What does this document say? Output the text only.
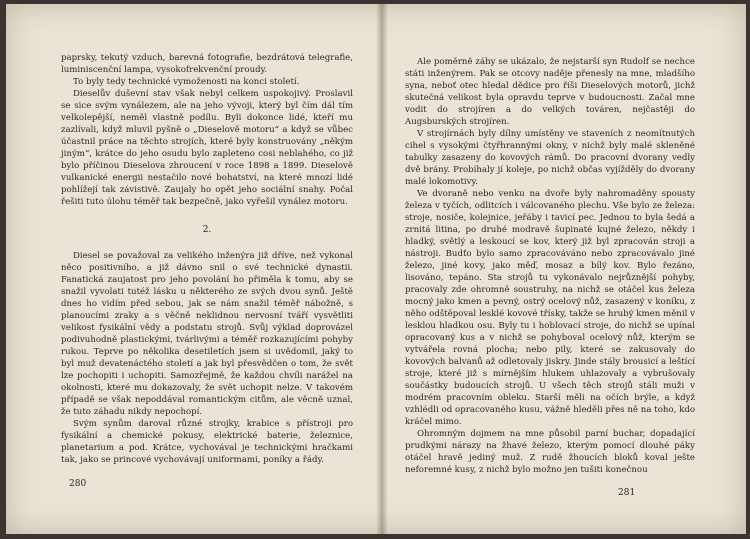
paprsky, tekutý vzduch, barevná fotografie, bezdrátová telegrafie, luminiscenční lampa, vysokofrekvenční proudy.

To byly tedy technické vymoženosti na konci století.

Dieselův duševní stav však nebyl celkem uspokojivý. Proslavil se sice svým vynálezem, ale na jeho vývoji, který byl čím dál tím velkolepější, neměl vlastně podílu. Byli dokonce lidé, kteří mu zazlívali, když mluvil pyšně o „Dieselově motoru“ a když se vůbec účastnil práce na těchto strojích, které byly konstruovány „někým jiným“, krátce do jeho osudu bylo zapleteno cosi neblahého, co již bylo příčinou Dieselova zhroucení v roce 1898 a 1899. Dieselově vulkanické energii nestačilo nové bohatství, na které mnozí lidé pohlížejí tak závistivě. Zaujaly ho opět jeho sociální snahy. Počal řešiti tuto úlohu téměř tak bezpečně, jako vyřešil vynález motoru.

2.

Diesel se považoval za velikého inženýra již dříve, než vykonal něco positivního, a již dávno snil o své technické dynastii. Fanatická zaujatost pro jeho povolání ho přiměla k tomu, aby se snažil vyvolati tutéž lásku u některého ze svých dvou synů. Ještě dnes ho vidím před sebou, jak se nám snažil téměř nábožně, s planoucími zraky a s věčně neklidnou nervosní tváří vysvětliti velikost fysikální vědy a podstatu strojů. Svůj výklad doprovázel podivuhodně plastickými, tvárlivými a téměř rozkazujícími pohyby rukou. Teprve po několika desetiletích jsem si uvědomil, jaký to byl muž devatenáctého století a jak byl přesvědčen o tom, že svět lze pochopiti i uchopiti. Samozřejmě, že každou chvíli narážel na okolnosti, které mu dokazovaly, že svět uchopit nelze. V takovém případě se však nepoddával romantickým citům, ale věcně uznal, že tuto záhadu nikdy nepochopí.

Svým synům daroval různé strojky, krabice s přístroji pro fysikální a chemické pokusy, elektrické baterie, železnice, planetarium a pod. Krátce, vychovával je technickými hračkami tak, jako se princové vychovávají uniformami, poníky a řády.

280

Ale poměrně záhy se ukázalo, že nejstarší syn Rudolf se nechce státi inženýrem. Pak se otcovy naděje přenesly na mne, mladšího syna, neboť otec hledal dědice pro říši Dieselových motorů, jichž skutečná velikost byla opravdu teprve v budoucnosti. Začal mne vodit do strojíren a do velkých továren, nejčastěji do Augsburských strojíren.

V strojírnách byly dílny umístěny ve staveních z neomítnutých cihel s vysokými čtyřhrannými okny, v nichž byly malé skleněné tabulky zasazeny do kovových rámů. Do pracovní dvorany vedly dvě brány. Probíhaly jí koleje, po nichž občas vyjížděly do dvorany malé lokomotivy.

Ve dvoraně nebo venku na dvoře byly nahromaděny spousty železa v tyčích, odlitcích i válcovaného plechu. Vše bylo ze železa: stroje, nosiče, kolejnice, jeřáby i tavicí pec. Jednou to byla šedá a zrnitá litina, po druhé modravě šupinaté kujné železo, někdy i hladký, světlý a leskoucí se kov, který již byl zpracován stroji a nástroji. Budťo bylo samo zpracováváno nebo zpracovávalo jiné železo, jiné kovy, jako měď, mosaz a bílý kov. Bylo řezáno, lisováno, tepáno. Sta strojů tu vykonávalo nejrůznější pohyby, pracovaly zde ohromně soustruhy, na nichž se otáčel kus železa mocný jako kmen a pevný, ostrý ocelový nůž, zasazený v koníku, z něho odštěpoval lesklé kovové třísky, takže se hrubý kmen měnil v lesklou hladkou osu. Byly tu i hoblovací stroje, do nichž se upínal opracovaný kus a v nichž se pohyboval ocelový nůž, kterým se vytvářela rovná plocha; nebo pily, které se zakusovaly do kovových balvanů až odletovaly jiskry. Jinde stály brousicí a leštící stroje, které již s mírnějším hlukem uhlazovaly a vybrušovaly součástky budoucích strojů. U všech těch strojů stáli muži v modrém pracovním obleku. Starší měli na očích brýle, a když vzhlédli od opracovaného kusu, vážně hleděli přes ně na toho, kdo kráčel mimo.

Ohromným dojmem na mne působil parní buchar, dopadající prudkými nárazy na žhavé železo, kterým pomocí dlouhé páky otáčel hravě jediný muž. Z rudě žhoucích bloků koval ješte neforemné kusy, z nichž bylo možno jen tušiti konečnou

281
